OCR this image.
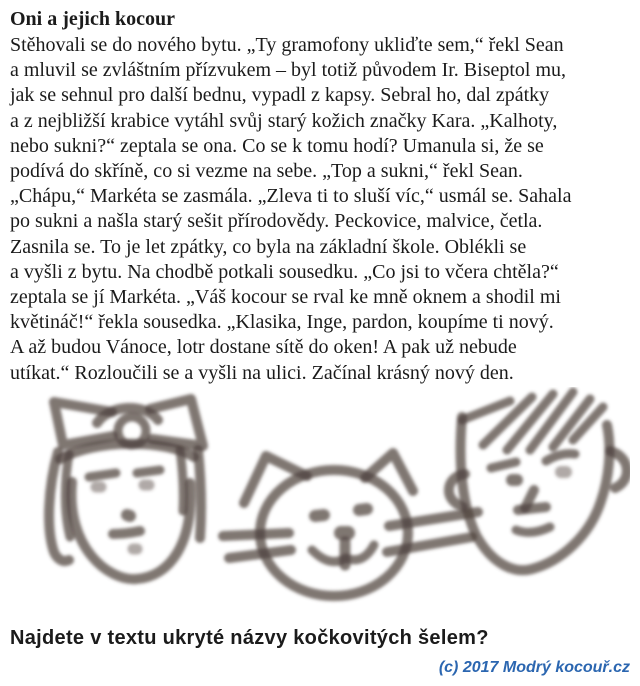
Oni a jejich kocour
Stěhovali se do nového bytu. „Ty gramofony ukliďte sem,“ řekl Sean
a mluvil se zvláštním přízvukem – byl totiž původem Ir. Biseptol mu,
jak se sehnul pro další bednu, vypadl z kapsy. Sebral ho, dal zpátky
a z nejbližší krabice vytáhl svůj starý kožich značky Kara. „Kalhoty,
nebo sukni?“ zeptala se ona. Co se k tomu hodí? Umanula si, že se
podívá do skříně, co si vezme na sebe. „Top a sukni,“ řekl Sean.
„Chápu,“ Markéta se zasmála. „Zleva ti to sluší víc,“ usmál se. Sahala
po sukni a našla starý sešit přírodovědy. Peckovice, malvice, četla.
Zasnila se. To je let zpátky, co byla na základní škole. Oblékli se
a vyšli z bytu. Na chodbě potkali sousedku. „Co jsi to včera chtěla?“
zeptala se jí Markéta. „Váš kocour se rval ke mně oknem a shodil mi
květináč!“ řekla sousedka. „Klasika, Inge, pardon, koupíme ti nový.
A až budou Vánoce, lotr dostane sítě do oken! A pak už nebude
utíkat.“ Rozloučili se a vyšli na ulici. Začínal krásný nový den.
Najdete v textu ukryté názvy kočkovitých šelem?
(c) 2017 Modrý kocouř.cz
